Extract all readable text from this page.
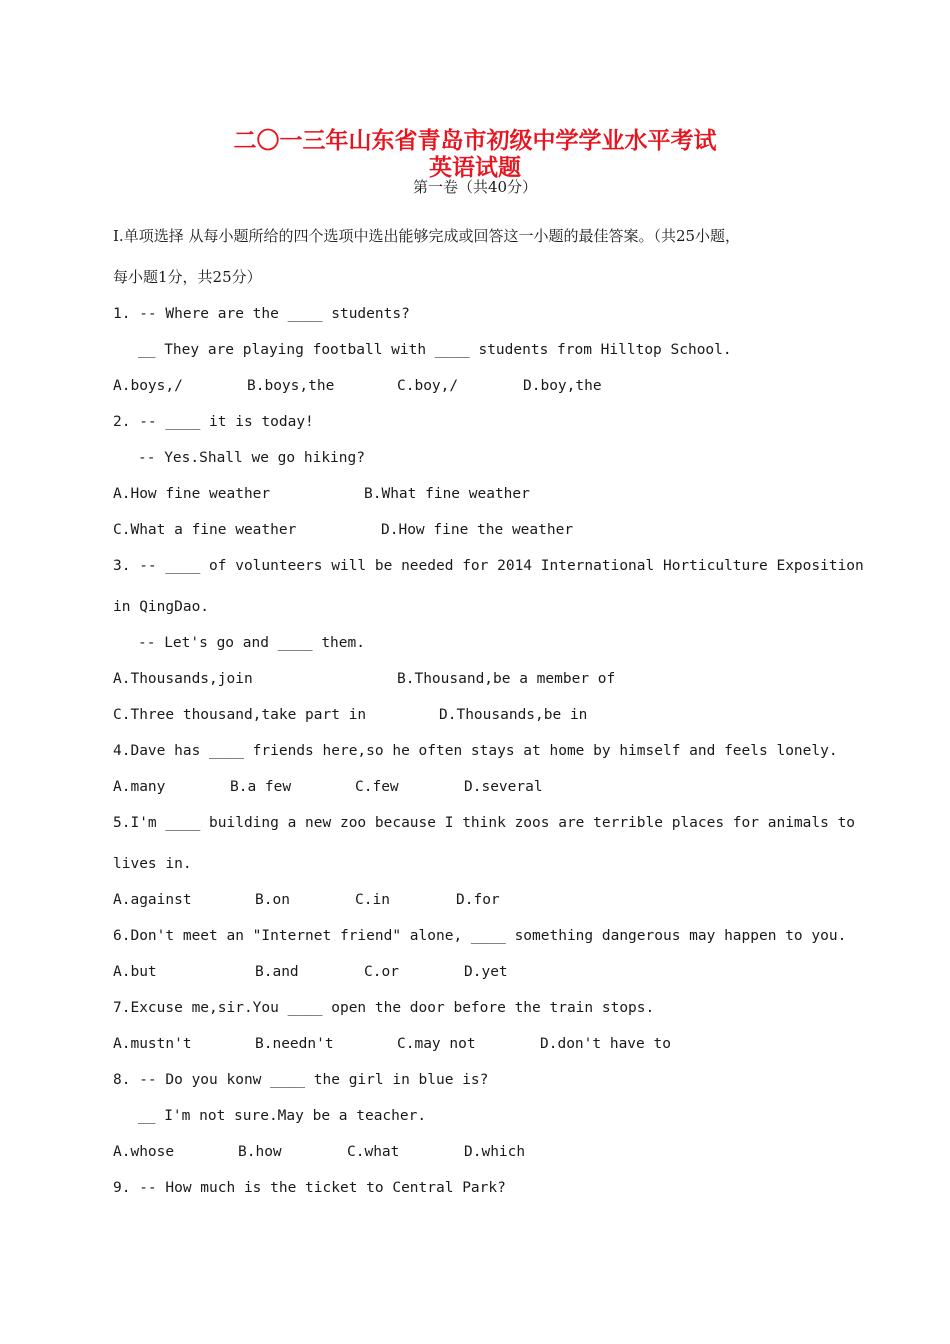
二〇一三年山东省青岛市初级中学学业水平考试
英语试题
第一卷（共40分）
I.单项选择 从每小题所给的四个选项中选出能够完成或回答这一小题的最佳答案。（共25小题，
每小题1分，共25分）
1. -- Where are the ____ students?
__ They are playing football with ____ students from Hilltop School.
A.boys,/	B.boys,the	C.boy,/	D.boy,the
2. -- ____ it is today!
-- Yes.Shall we go hiking?
A.How fine weather	B.What fine weather
C.What a fine weather	D.How fine the weather
3. -- ____ of volunteers will be needed for 2014 International Horticulture Exposition
in QingDao.
-- Let's go and ____ them.
A.Thousands,join	B.Thousand,be a member of
C.Three thousand,take part in	D.Thousands,be in
4.Dave has ____ friends here,so he often stays at home by himself and feels lonely.
A.many	B.a few	C.few	D.several
5.I'm ____ building a new zoo because I think zoos are terrible places for animals to
lives in.
A.against	B.on	C.in	D.for
6.Don't meet an "Internet friend" alone, ____ something dangerous may happen to you.
A.but	B.and	C.or	D.yet
7.Excuse me,sir.You ____ open the door before the train stops.
A.mustn't	B.needn't	C.may not	D.don't have to
8. -- Do you konw ____ the girl in blue is?
__ I'm not sure.May be a teacher.
A.whose	B.how	C.what	D.which
9. -- How much is the ticket to Central Park?
